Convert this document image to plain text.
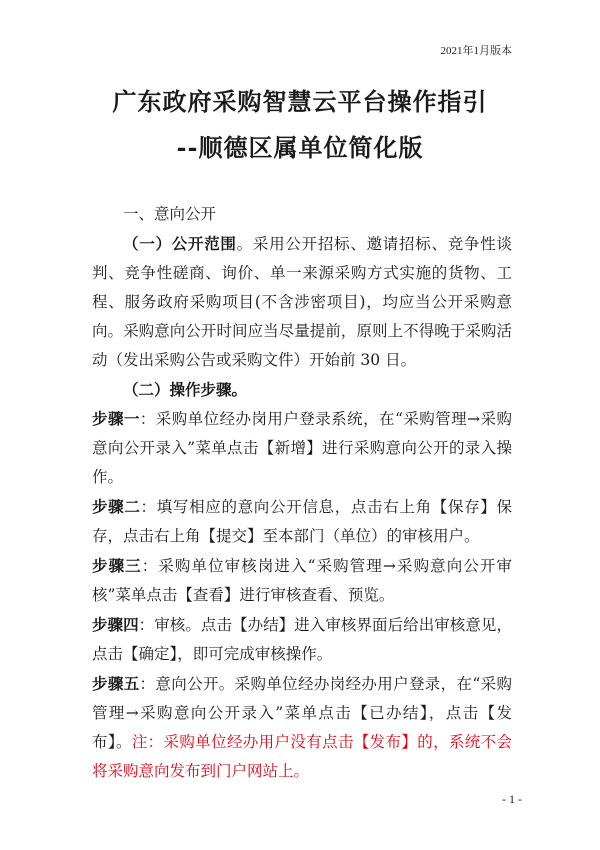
2021年1月版本
广东政府采购智慧云平台操作指引
--顺德区属单位简化版

一、意向公开

（一）公开范围。采用公开招标、邀请招标、竞争性谈判、竞争性磋商、询价、单一来源采购方式实施的货物、工程、服务政府采购项目(不含涉密项目)，均应当公开采购意向。采购意向公开时间应当尽量提前，原则上不得晚于采购活动（发出采购公告或采购文件）开始前 30 日。

（二）操作步骤。

步骤一：采购单位经办岗用户登录系统，在“采购管理→采购意向公开录入”菜单点击【新增】进行采购意向公开的录入操作。

步骤二：填写相应的意向公开信息，点击右上角【保存】保存，点击右上角【提交】至本部门（单位）的审核用户。

步骤三：采购单位审核岗进入“采购管理→采购意向公开审核”菜单点击【查看】进行审核查看、预览。

步骤四：审核。点击【办结】进入审核界面后给出审核意见，点击【确定】，即可完成审核操作。

步骤五：意向公开。采购单位经办岗经办用户登录，在“采购管理→采购意向公开录入”菜单点击【已办结】，点击【发布】。注：采购单位经办用户没有点击【发布】的，系统不会将采购意向发布到门户网站上。

- 1 -
